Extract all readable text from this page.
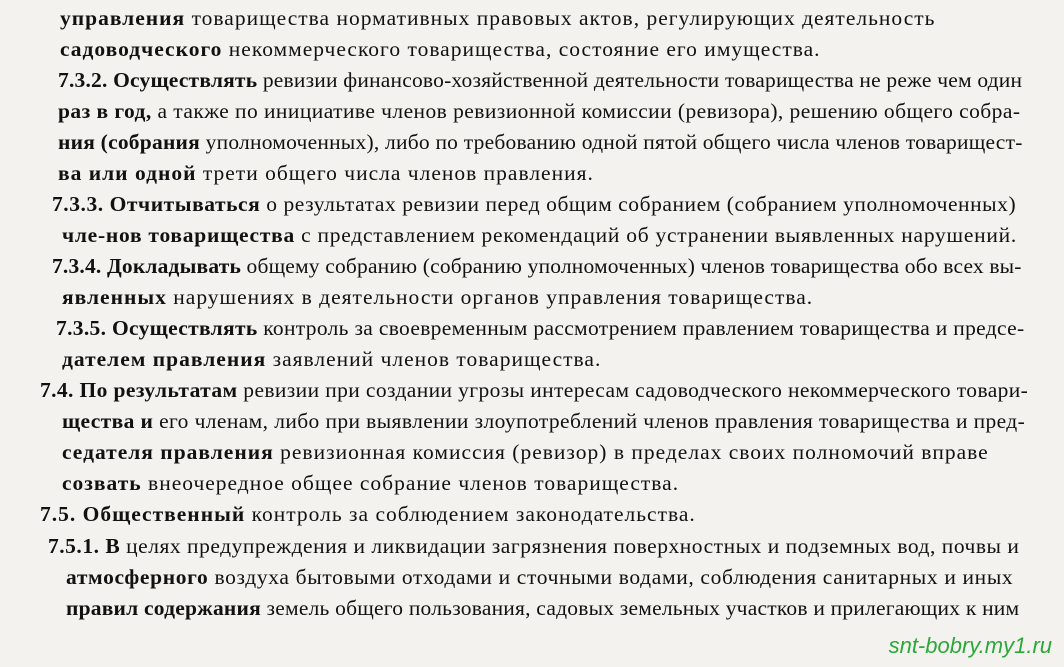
управления товарищества нормативных правовых актов, регулирующих деятельность
садоводческого некоммерческого товарищества, состояние его имущества.
7.3.2. Осуществлять ревизии финансово-хозяйственной деятельности товарищества не реже чем один
раз в год, а также по инициативе членов ревизионной комиссии (ревизора), решению общего собра-
ния (собрания уполномоченных), либо по требованию одной пятой общего числа членов товарищест-
ва или одной трети общего числа членов правления.
7.3.3. Отчитываться о результатах ревизии перед общим собранием (собранием уполномоченных)
чле-нов товарищества с представлением рекомендаций об устранении выявленных нарушений.
7.3.4. Докладывать общему собранию (собранию уполномоченных) членов товарищества обо всех вы-
явленных нарушениях в деятельности органов управления товарищества.
7.3.5. Осуществлять контроль за своевременным рассмотрением правлением товарищества и предсе-
дателем правления заявлений членов товарищества.
7.4. По результатам ревизии при создании угрозы интересам садоводческого некоммерческого товари-
щества и его членам, либо при выявлении злоупотреблений членов правления товарищества и пред-
седателя правления ревизионная комиссия (ревизор) в пределах своих полномочий вправе
созвать внеочередное общее собрание членов товарищества.
7.5. Общественный контроль за соблюдением законодательства.
7.5.1. В целях предупреждения и ликвидации загрязнения поверхностных и подземных вод, почвы и
атмосферного воздуха бытовыми отходами и сточными водами, соблюдения санитарных и иных
правил содержания земель общего пользования, садовых земельных участков и прилегающих к ним
snt-bobry.my1.ru
